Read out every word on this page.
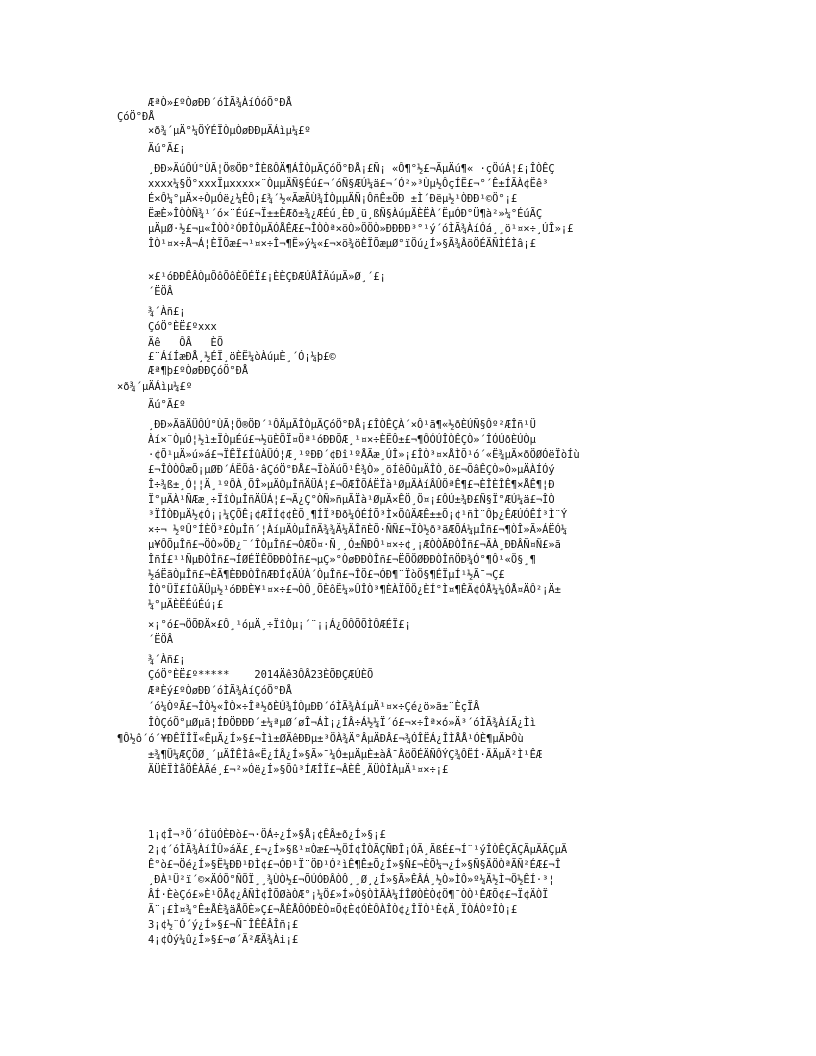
ÆªÒ»£ºÒøÐÐ´óÌÃ¾ÀíÓóÕ°ÐÅ
ÇóÖ°ÐÅ
×ð¾´µÄ°¼ÖÝÉÏÒµÒøÐÐµÄÁìµ¼£º
Äú°Ã£¡
¸ÐÐ»ÄúÔÚ°ÙÃ¦Ö®ÖÐ°ÎÈßÔÄ¶ÁÎÒµÄÇóÖ°ÐÅ¡£Ñ¡ «Ô¶°½£¬ÃµÄú¶« ·çÖúÁ¦£¡ÎÒÊÇ
xxxx¼§Ö°xxxÏµxxxx×¨ÒµµÄÑ§Éú£¬´óÑ§ÆÚ¼ä£¬´Ó²»³Ùµ½ÔçÍË£¬°´Ê±ÍÃÀ¢Ëê³
É×Ô¼°µÄ×÷ÒµÓë¿¼ÊÔ¡£¾´½«ÃæÃÙ¾ÍÒµµÄÑ¡ÔñÊ±ÖÐ ±Ì´Ðëµ½¹ÒÐÐ¹©Ö°¡£
ËæÈ»ÎÒÒÑ¾¹´ó×¨Éú£¬Ï±±ÈÆð±¾¿ÆÉú¸ÈÐ¸ü¸ßÑ§ÀúµÄÈËÀ´ËµÓÐ°Ü¶à²»¼°ÉúÃÇ
µÄµØ·½£¬µ«ÎÒÒ²ÓÐÎÒµÄÓÅÊÆ£¬ÎÒÒª×öÒ»ÖÖÒ»ÐÐÐÐ³°¹ý´óÌÃ¾ÀíÓá¸¸ö¹¤×÷¸ÚÎ»¡£
ÎÒ¹¤×÷Å¬Á¦ÈÏÕæ£¬¹¤×÷Î¬¶Ë»ý¼«£¬×ö¾öÈÏÕæµØ°ïÖú¿Í»§Ã¾ÂöÖÉÄÑÌÉÌâ¡£
×£¹óÐÐÊÂÒµÕôÕôÈÕÉÏ£¡ÈÈÇÐÆÚÅÎÄúµÄ»Ø¸´£¡
´ËÖÂ
¾´Àñ£¡
ÇóÖ°ÈË£ºxxx
Äê   ÔÂ   ÈÕ
£¨ÁíÍæÐÅ¸½ÉÏ¸öÈË¼òÀúµÈ¸´Ó¡¼þ£©
Æª¶þ£ºÒøÐÐÇóÖ°ÐÅ
×ð¾´µÄÁìµ¼£º
Äú°Ã£º
¸ÐÐ»ÄãÄÜÔÚ°ÙÃ¦Ö®ÖÐ´¹ÔÄµÄÎÒµÄÇóÖ°ÐÅ¡£ÎÒÊÇÀ´×Ô¹ã¶«½ðÈÚÑ§Ôº²ÆÎñ¹Ü
Àí×¨ÒµÓ¦½ì±ÏÒµÉú£¬½üÈÕÏ¤Öª¹óÐÐÕÆ¸¹¤×÷ÈËÔ±£¬¶ÔÓÚÎÒÊÇÒ»´ÎÓÚðÈÚÒµ
·¢Õ¹µÄ»ú»á£¬ÏÊÏ£ÍûÀÜÓ¦Æ¸¹ºÐÐ´¢Ðî¹ºÅÃæ¸ÚÎ»¡£ÎÒ³¤×ÅÌÕ¹ó´«Ë¾µÄ×ðÖØÓëÏòÍù
£¬ÎÒÒÔæÕ¡µØÐ´ÁËÕâ·âÇóÖ°ÐÅ£¬ÏòÄúÕ¹Ê¾Ò»¸öÍêÕûµÄÎÒ¸ö£¬ÕâÊÇÒ»Ò»µÄÀÍÓý
Î÷¾ß±¸Ó¦¦Ä¸¹ºÔÀ¸ÕÎ»µÄÒµÎñÄÜÁ¦£¬ÕÆÎÕÁËÏà¹ØµÄÀíÂÛÖªÊ¶£¬ÈÎÈÎÊ¶×ÅÊ¶¦Ð
Ï°µÄÀ¹ÑÆæ¸÷ÏîÒµÎñÄÜÁ¦£¬Ä¿Ç°ÒÑ»ñµÃÏà¹ØµÄ×ÊÖ¸Ö¤¡£ÔÚ±¾Ð£Ñ§Ï°ÆÚ¼ä£¬ÎÒ
³ÏÎÒÐµÄ½¢Ó¡¡¼ÇÕÊ¡¢ÆÏÍ¢¢ÈÕ¸¶ÍÏ³Ðð¼ÓÉÍÕ³Ì×ÕûÄÆÊ±±Õ¡¢¹ñÌ¨Ôþ¿ÊÆÚÓÊÍ³Ì¨Ý
×÷¬ ½ºÛ°ÍÈÖ³£ÒµÎñ´¦ÀíµÄÒµÎñÄ¾¾Ä¼ÄÎñÈÕ·ÑÑ£¬ÏÒ½ð³ãÆÕÁ¼µÎñ£¬¶ÒÎ»Ã»ÁËÓ¼
µ¥ÔÕµÎñ£¬ÖÒ»ÖÐ¿¨´ÎÒµÎñ£¬ÒÆÖ¤·Ñ¸¸Ó±ÑÐÔ¹¤×÷¢¸¡ÆÒÒÃÐÒÎñ£¬ÃÀ¸ÐÐÂÑ¤Ñ£»ã
ÎñÍ£¹¹ÑµÐÒÎñ£¬ÍØÉÏÊÖÐÐÒÎñ£¬µÇ»°ÒøÐÐÒÎñ£¬ËÕÖØÐÐÒÎñÖÐ¾Ó°¶Ô¹«Ö§¸¶
½áËãÒµÎñ£¬ÈÃ¶ÈÐÐÒÎñÆÐÍ¢ÄÚÀ´ÒµÎñ£¬ÎÖ£¬ÓÐ¶¨ÏòÖ§¶ÉÏµÍ¹½Ã¯¬Ç£
ÎÒ°ÜÏ£ÍûÄÜµ½¹óÐÐÈ¥¹¤×÷£¬ÒÔ¸ÕÈôË¼»ÛÎÒ³¶ÈÀÏÕÖ¿ÈÍ°Ì¤¶ÊÄ¢ÓÅ¼¼ÓÅ¤ÄÔ²¡Ä±
¼°µÄÈËÉúÉú¡£
×¡°ó£¬ÖÕÐÄ×£Ô¸¹óµÄ¸÷ÏîÒµ¡´¨¡¡Á¿ÕÔÕÕÌÔÆÉÏ£¡
´ËÖÂ
¾´Àñ£¡
ÇóÖ°ÈË£º*****    2014Äê3ÔÂ23ÈÕÐÇÆÚÈÕ
ÆªÈý£ºÒøÐÐ´óÌÃ¾ÀíÇóÖ°ÐÅ
´ó¼ÒºÃ£¬ÎÒ½«ÎÒ×÷Îª½ðÈÚ¾ÍÒµÐÐ´óÌÃ¾ÀíµÄ¹¤×÷Çé¿ö»ã±¨ÈçÏÂ
ÎÒÇóÖ°µØµã¦ÍÐÖÐÐÐ´±¼ªµØ´øÎ¬ÁÌ¡¿ÍÂ÷Á½¼Ï´ó£¬×÷Îª×ó»Ä³´óÌÃ¾ÀíÃ¿Ìì
¶Ô½ô´ó´¥ÐÊÏÎÏ«ÊµÄ¿Í»§£¬Ìì±ØÄêÐÐµ±³ÖÀ¾Ä°ÂµÄÐÂ£¬¾ÓÎËÁ¿ÎÌÅÅ¹ÓÈ¶µÄÞÔù
±¾¶Ü¼ÆÇÖØ¸´µÄÎÊÌâ«Ë¿ÍÂ¿Í»§Ã»¯¼Ó±µÄµÈ±àÂ¯ÂöÖÉÄÑÔÝÇ¾ÔËÍ·ÃÄµÄ²Ì¹ÊÆ
ÄÜÈÏÌåÖÊÀÃé¸£¬²»Óë¿Í»§Õû³ÍÆÎÏ£¬ÂÈÊ¸ÄÜÒÎÀµÄ¹¤×÷¡£
1¡¢Î¬³Ö´óÌüÓÈÐò£¬·ÖÁ÷¿Í»§Å¡¢ÊÂ±ð¿Í»§¡£
2¡¢´óÌÃ¾ÀíÎÛ»áÄ£¸£¬¿Í»§ß¹¤Òæ£¬½ÖÍ¢ÎÒÃÇÑÐÎ¡ÓÃ¸ÃßÉ£¬Í¨¹ýÎÒÊÇÃÇÃµÄÃÇµÄ
Ê°ò£¬Öé¿Í»§Ë¼ÐÐ¹ÐÌ¢£¬ÓÐ¹Ï¨ÖÐ¹Ó²ìÊ¶Ê±Õ¿Í»§Ñ£¬ÈÕ¼¬¿Í»§Ñ§ÄÖÒªÃÑ²ÉÆ£¬Î
¸ÐÀ¹Ü²ï´©×ÄÓÕ°ÑÕÏ¸¸¾ÙÒ½£¬ÕÚÓÐÂÒÔ¸¸Ø¸¿Í»§Ã»ÊÂÁ¸½Ò»ÌÔ»º¼Ä½Ì¬Ö½ÊÍ·³¦
ÂÍ·ÈèÇó£»È¹ÕÅ¢¿ÂÑÌ¢ÎÕØàÒÆ°¡¼Ö£»Í»Ò§ÒÌÃÀ¼ÍÎØÒÈÒ¢Ö¶¯ÒÒ¹ÊÆÕ¢£¬Ï¢ÄÒÏ
Ã¨¡£Ì¤¾°Ê±ÅÈ¾äÅÕÈ»Ç£¬ÅÈÅÔÓÐÈÒ¤Õ¢È¢ÓÈÔÀÎÒ¢¿ÎÏÒ¹È¢Ä¸ÏÒÁÒºÎÒ¡£
3¡¢½¨Ó´ý¿Í»§£¬Ñ¯ÎÊÊÂÎñ¡£
4¡¢Òý¼û¿Í»§£¬ø´Ä²ÆÄ¾Ài¡£
